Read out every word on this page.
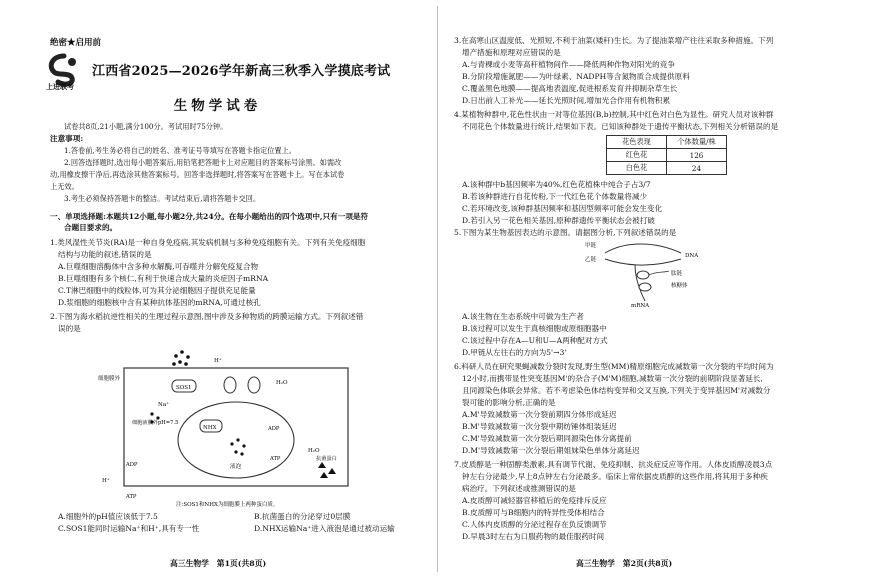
绝密★启用前
上进联考
江西省2025—2026学年新高三秋季入学摸底考试
生物学试卷
试卷共8页,21小题,满分100分。考试用时75分钟。
注意事项:
1.答卷前,考生务必将自己的姓名、准考证号等填写在答题卡指定位置上。
2.回答选择题时,选出每小题答案后,用铅笔把答题卡上对应题目的答案标号涂黑。如需改
动,用橡皮擦干净后,再选涂其他答案标号。回答非选择题时,将答案写在答题卡上。写在本试卷
上无效。
3.考生必须保持答题卡的整洁。考试结束后,请将答题卡交回。
一、单项选择题:本题共12小题,每小题2分,共24分。在每小题给出的四个选项中,只有一项是符
合题目要求的。
1.类风湿性关节炎(RA)是一种自身免疫病,其发病机制与多种免疫细胞有关。下列有关免疫细胞
结构与功能的叙述,错误的是
A.巨噬细胞溶酶体中含多种水解酶,可吞噬并分解免疫复合物
B.巨噬细胞有多个核仁,有利于快速合成大量的炎症因子mRNA
C.T淋巴细胞中的线粒体,可为其分泌细胞因子提供充足能量
D.浆细胞的细胞核中含有某种抗体基因的mRNA,可通过核孔
2.下图为海水稻抗逆性相关的生理过程示意图,图中涉及多种物质的跨膜运输方式。下列叙述错
误的是
细胞膜外
H⁺
SOS1
H₂O
Na⁺
细胞液膜外pH=7.5
NHX
液泡
ADP
ATP
H₂O
抗菌蛋白
ADP
H⁺
ATP
注:SOS1和NHX为细胞膜上两种蛋白质。
A.细胞外的pH值应该低于7.5	B.抗菌蛋白的分泌穿过0层膜
C.SOS1能同时运输Na⁺和H⁺,具有专一性	D.NHX运输Na⁺进入液泡是通过被动运输
高三生物学　第1页(共8页)
3.在高寒山区温度低、光照短,不利于油菜(矮秆)生长。为了提油菜增产往往采取多种措施。下列
增产措施和原理对应错误的是
A.与青稞或小麦等高秆植物间作——降低两种作物对阳光的竞争
B.分阶段增施氮肥——为叶绿素、NADPH等含氮物质合成提供原料
C.覆盖黑色地膜——提高地表温度,促进根系发育并抑制杂草生长
D.日出前人工补光——延长光照时间,增加光合作用有机物积累
4.某植物种群中,花色性状由一对等位基因(B,b)控制,其中红色对白色为显性。研究人员对该种群
不同花色个体数量进行统计,结果如下表。已知该种群处于遗传平衡状态,下列相关分析错误的是
A.该种群中b基因频率为40%,红色花植株中纯合子占3/7
B.若该种群进行自花传粉,下一代红色花个体数量将减少
C.若环境改变,该种群基因频率和基因型频率可能会发生变化
D.若引入另一花色相关基因,原种群遗传平衡状态会被打破
5.下图为某生物基因表达的示意图。请据图分析,下列叙述错误的是
A.该生物在生态系统中可做为生产者
B.该过程可以发生于真核细胞或原细胞器中
C.该过程中存在A—U和U—A两种配对方式
D.甲链从左往右的方向为5'→3'
6.科研人员在研究果蝇减数分裂时发现,野生型(MM)精原细胞完成减数第一次分裂的平均时间为
12小时,而携带显性突变基因M'的杂合子(M'M)细胞,减数第一次分裂的前期阶段显著延长,
且同源染色体联会异常。若不考虑染色体结构变异和交叉互换,下列关于变异基因M'对减数分
裂可能的影响分析,正确的是
A.M'导致减数第一次分裂前期四分体形成延迟
B.M'导致减数第一次分裂中期纺锤体组装延迟
C.M'导致减数第一次分裂后期同源染色体分离提前
D.M'导致减数第一次分裂后期姐妹染色单体分离延迟
7.皮质醇是一种固醇类激素,具有调节代谢、免疫抑制、抗炎症反应等作用。人体皮质醇凌晨3点
钟左右分泌最少,早上8点钟左右分泌最多。临床上常依据皮质醇的这些作用,将其用于多种疾
病治疗。下列叙述或推测错误的是
A.皮质醇可减轻器官移植后的免疫排斥反应
B.皮质醇可与B细胞内的特异性受体相结合
C.人体内皮质醇的分泌过程存在负反馈调节
D.早晨3时左右为口服药物的最佳服药时间
高三生物学　第2页(共8页)
花色表现	个体数量/株
红色花	126
白色花	24
甲链
乙链
DNA
肽链
核糖体
mRNA
